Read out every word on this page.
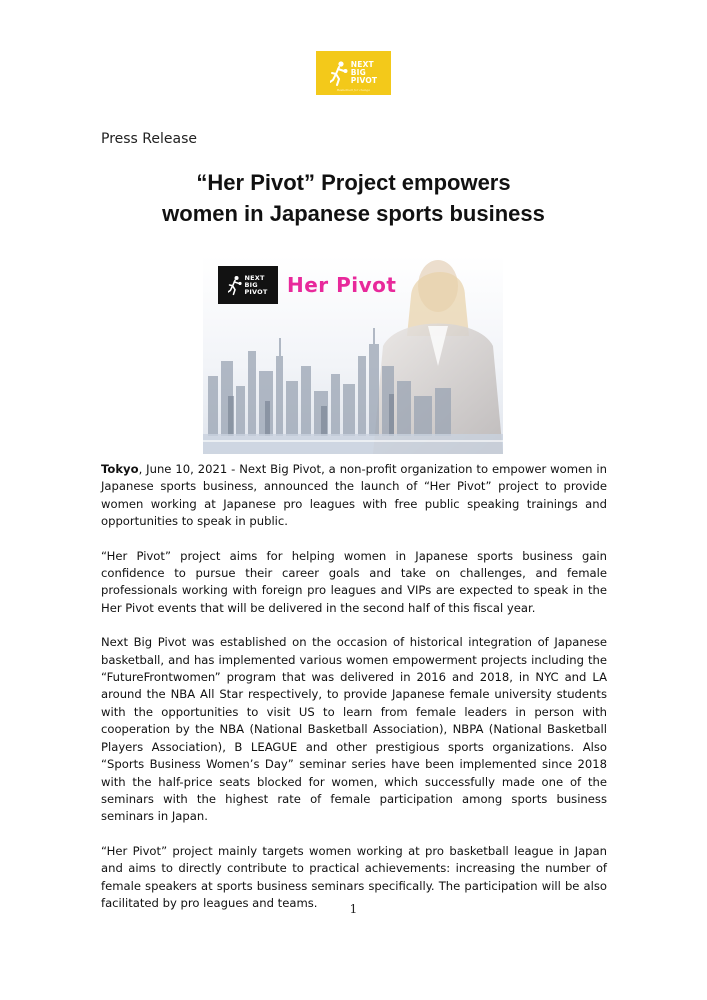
NEXT
BIG
PIVOT
Basketball for change
Press Release
“Her Pivot” Project empowers
women in Japanese sports business
NEXT
BIG
PIVOT Her Pivot

Tokyo, June 10, 2021 - Next Big Pivot, a non-profit organization to empower women in Japanese sports business, announced the launch of “Her Pivot” project to provide women working at Japanese pro leagues with free public speaking trainings and opportunities to speak in public.

“Her Pivot” project aims for helping women in Japanese sports business gain confidence to pursue their career goals and take on challenges, and female professionals working with foreign pro leagues and VIPs are expected to speak in the Her Pivot events that will be delivered in the second half of this fiscal year.

Next Big Pivot was established on the occasion of historical integration of Japanese basketball, and has implemented various women empowerment projects including the “FutureFrontwomen” program that was delivered in 2016 and 2018, in NYC and LA around the NBA All Star respectively, to provide Japanese female university students with the opportunities to visit US to learn from female leaders in person with cooperation by the NBA (National Basketball Association), NBPA (National Basketball Players Association), B LEAGUE and other prestigious sports organizations. Also “Sports Business Women’s Day” seminar series have been implemented since 2018 with the half-price seats blocked for women, which successfully made one of the seminars with the highest rate of female participation among sports business seminars in Japan.

“Her Pivot” project mainly targets women working at pro basketball league in Japan and aims to directly contribute to practical achievements: increasing the number of female speakers at sports business seminars specifically. The participation will be also facilitated by pro leagues and teams.	1
